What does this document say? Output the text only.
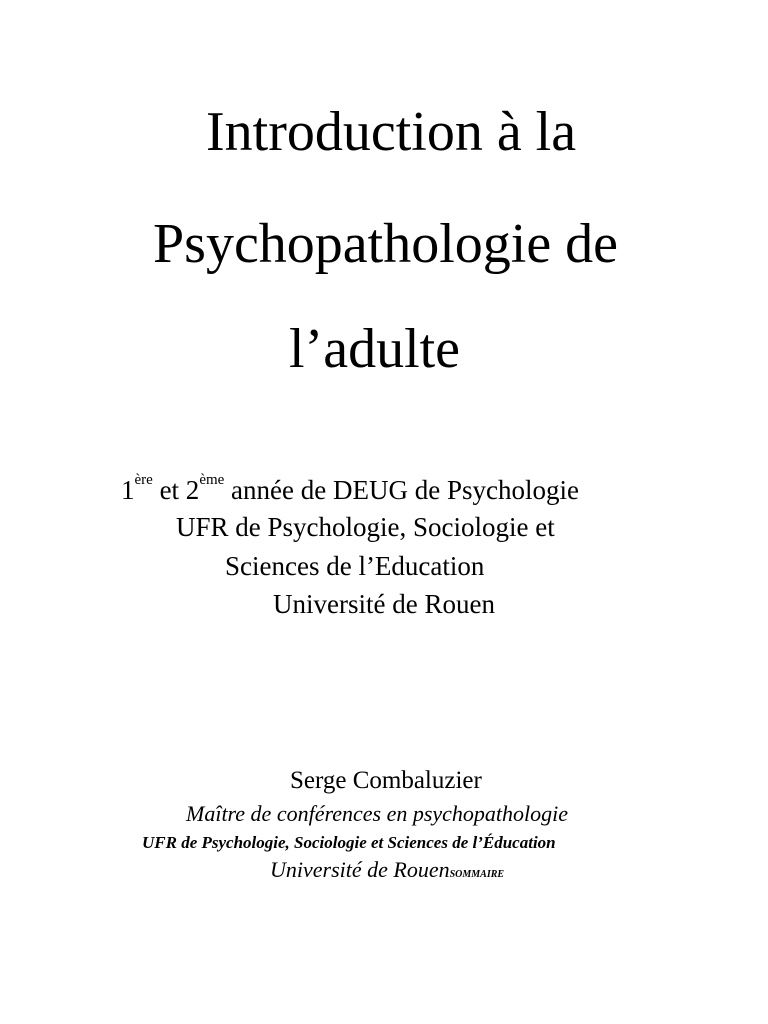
Introduction à la
Psychopathologie de
l’adulte
1ère et 2ème année de DEUG de Psychologie
UFR de Psychologie, Sociologie et
Sciences de l’Education
Université de Rouen
Serge Combaluzier
Maître de conférences en psychopathologie
UFR de Psychologie, Sociologie et Sciences de l’Éducation
Université de RouenSOMMAIRE
